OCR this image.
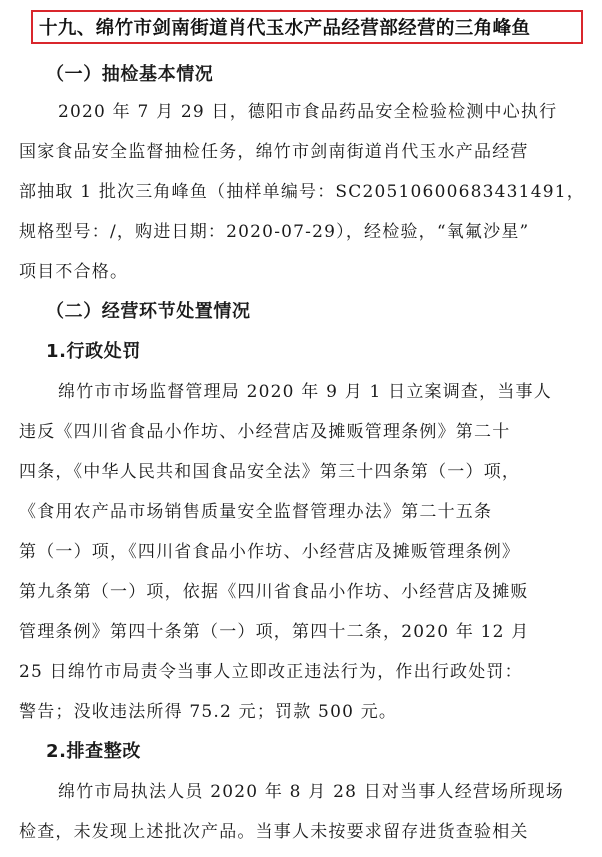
十九、绵竹市剑南街道肖代玉水产品经营部经营的三角峰鱼
（一）抽检基本情况
2020 年 7 月 29 日，德阳市食品药品安全检验检测中心执行
国家食品安全监督抽检任务，绵竹市剑南街道肖代玉水产品经营
部抽取 1 批次三角峰鱼（抽样单编号：SC20510600683431491，
规格型号：/，购进日期：2020-07-29），经检验，“氧氟沙星”
项目不合格。
（二）经营环节处置情况
1.行政处罚
绵竹市市场监督管理局 2020 年 9 月 1 日立案调查，当事人
违反《四川省食品小作坊、小经营店及摊贩管理条例》第二十
四条，《中华人民共和国食品安全法》第三十四条第（一）项，
《食用农产品市场销售质量安全监督管理办法》第二十五条
第（一）项，《四川省食品小作坊、小经营店及摊贩管理条例》
第九条第（一）项，依据《四川省食品小作坊、小经营店及摊贩
管理条例》第四十条第（一）项，第四十二条，2020 年 12 月
25 日绵竹市局责令当事人立即改正违法行为，作出行政处罚：
警告；没收违法所得 75.2 元；罚款 500 元。
2.排查整改
绵竹市局执法人员 2020 年 8 月 28 日对当事人经营场所现场
检查，未发现上述批次产品。当事人未按要求留存进货查验相关
